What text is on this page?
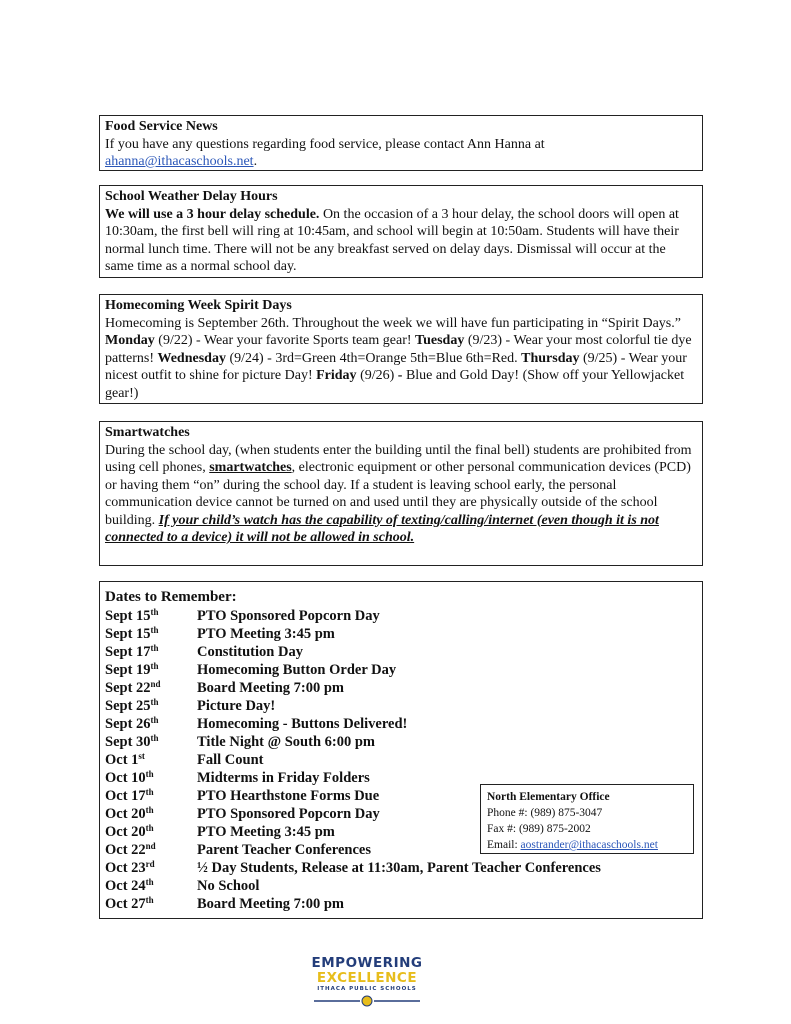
Food Service News

If you have any questions regarding food service, please contact Ann Hanna at
ahanna@ithacaschools.net.

School Weather Delay Hours

We will use a 3 hour delay schedule. On the occasion of a 3 hour delay, the school doors will open at 10:30am, the first bell will ring at 10:45am, and school will begin at 10:50am. Students will have their normal lunch time. There will not be any breakfast served on delay days. Dismissal will occur at the same time as a normal school day.

Homecoming Week Spirit Days

Homecoming is September 26th. Throughout the week we will have fun participating in “Spirit Days.” Monday (9/22) - Wear your favorite Sports team gear! Tuesday (9/23) - Wear your most colorful tie dye patterns! Wednesday (9/24) - 3rd=Green 4th=Orange 5th=Blue 6th=Red. Thursday (9/25) - Wear your nicest outfit to shine for picture Day! Friday (9/26) - Blue and Gold Day! (Show off your Yellowjacket gear!)

Smartwatches

During the school day, (when students enter the building until the final bell) students are prohibited from using cell phones, smartwatches, electronic equipment or other personal communication devices (PCD) or having them “on” during the school day. If a student is leaving school early, the personal communication device cannot be turned on and used until they are physically outside of the school building. If your child’s watch has the capability of texting/calling/internet (even though it is not connected to a device) it will not be allowed in school.

Dates to Remember:
Sept 15th	PTO Sponsored Popcorn Day
Sept 15th	PTO Meeting 3:45 pm
Sept 17th	Constitution Day
Sept 19th	Homecoming Button Order Day
Sept 22nd	Board Meeting 7:00 pm
Sept 25th	Picture Day!
Sept 26th	Homecoming - Buttons Delivered!
Sept 30th	Title Night @ South 6:00 pm
Oct 1st	Fall Count
Oct 10th	Midterms in Friday Folders
Oct 17th	PTO Hearthstone Forms Due
Oct 20th	PTO Sponsored Popcorn Day
Oct 20th	PTO Meeting 3:45 pm
Oct 22nd	Parent Teacher Conferences
Oct 23rd	½ Day Students, Release at 11:30am, Parent Teacher Conferences
Oct 24th	No School
Oct 27th	Board Meeting 7:00 pm
North Elementary Office
Phone #: (989) 875-3047
Fax #: (989) 875-2002
Email: aostrander@ithacaschools.net
EMPOWERING
EXCELLENCE
ITHACA PUBLIC SCHOOLS
